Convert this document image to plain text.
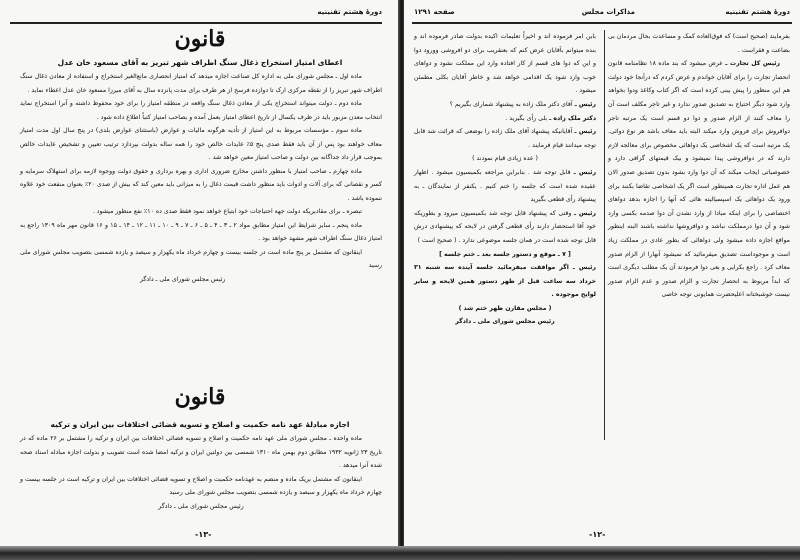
دورهٔ هشتم تقنینیه
قانون
اعطای امتیاز استخراج ذغال سنگ اطراف شهر تبریز به آقای مسعود خان عدل
ماده اول ـ مجلس شورای ملی به اداره کل صناعت اجازه میدهد که امتیاز انحصاری مانع‌الغیر استخراج و استفاده از معادن ذغال سنگ اطراف شهر تبریز را از نقطه مرکزی ارک تا دوازده فرسخ از هر طرف برای مدت پانزده سال به آقای میرزا مسعود خان عدل اعطاء نماید .
ماده دوم ـ دولت میتواند استخراج یکی از معادن ذغال سنگ واقعه در منطقه امتیاز را برای خود محفوظ داشته و آنرا استخراج نماید انتخاب معدن مزبور باید در ظرف یکسال از تاریخ اعطای امتیاز بعمل آمده و بصاحب امتیاز کتباً اطلاع داده شود .
ماده سوم ـ مؤسسات مربوط به این امتیاز از تأدیه هرگونه مالیات و عوارض (باستثنای عوارض بلدی) در پنج سال اول مدت امتیاز معاف خواهند بود پس از آن باید فقط صدی پنج ۵٪ عایدات خالص خود را همه ساله بدولت بپردازد ترتیب تعیین و تشخیص عایدات خالص بموجب قرار داد جداگانه بین دولت و صاحب امتیاز معین خواهد شد .
ماده چهارم ـ صاحب امتیاز با منظور داشتن مخارج ضروری اداری و بهره برداری و حقوق دولت ووجوه لازمه برای استهلاک سرمایه و کسر و نقصانی که برای آلات و ادوات باید منظور داشت قیمت ذغال را به میزانی باید معین کند که بیش از صدی ۲۰٪ بعنوان منفعت خود علاوه ننموده باشد .
تبصره ـ برای مقادیریکه دولت جهة احتیاجات خود ابتیاع خواهد نمود فقط صدی ده ۱۰٪ نفع منظور میشود .
ماده پنجم ـ سایر شرایط این امتیاز مطابق مواد ۲ ـ ۳ ـ ۴ ـ ۵ ـ ۶ ـ ۷ ـ ۹ ـ ۱۰ ـ ۱۱ ـ ۱۲ ـ ۱۴ ـ ۱۵ و ۱۶ قانون مهر ماه ۱۳۰۹ راجع به امتیاز ذغال سنگ اطراف شهر مشهد خواهد بود .
اینقانون که مشتمل بر پنج ماده است در جلسه بیست و چهارم خرداد ماه یکهزار و سیصد و یازده شمسی بتصویب مجلس شورای ملی رسید
رئیس مجلس شورای ملی ـ دادگر
قانون
اجازه مبادلهٔ عهد نامه حکمیت و اصلاح و تسویه قضائی اختلافات بین ایران و ترکیه
ماده واحده ـ مجلس شورای ملی عهد نامه حکمیت و اصلاح و تسویه قضائی اختلافات بین ایران و ترکیه را مشتمل بر ۲۶ ماده که در تاریخ ۲۳ ژانویه ۱۹۳۲ مطابق دوم بهمن ماه ۱۳۱۰ شمسی بین دولتین ایران و ترکیه امضا شده است تصویب و بدولت اجازه مبادله اسناد صحه شده آنرا میدهد .
اینقانون که مشتمل بریک ماده و منضم به عهدنامه حکمیت و اصلاح و تسویه قضائی اختلافات بین ایران و ترکیه است در جلسه بیست و چهارم خرداد ماه یکهزار و سیصد و یازده شمسی بتصویب مجلس شورای ملی رسید
رئیس مجلس شورای ملی ـ دادگر
-۱۳-
دورهٔ هشتم تقنینیه
مذاکرات مجلس
صفحه ۱۲۹۱

بفرمایند (صحیح است) که فوق‌العاده کمک و مساعدت بحال مردمان بی بضاعت و فقراست .

رئیس کل تجارت ـ عرض میشود که بند ماده ۱۸ نظامنامه قانون انحصار تجارت را برای آقایان خواندم و عرض کردم که درآنجا خود دولت هم این منظور را پیش بینی کرده است که اگر کتاب وکاغذ ودوا بخواهد وارد شود دیگر احتیاج به تصدیق صدور ندارد و غیر تاجر مکلف است آن را معاف کنند از الزام صدور و دوا دو قسم است یک مرتبه تاجر دوافروش برای فروش وارد میکند البته باید معاف باشد هر نوع دوائی. یک مرتبه است که یک اشخاصی یک دواهائی مخصوص برای معالجه لازم دارند که در دوافروشی پیدا نمیشود و بیک قیمتهای گزافی دارد و خصوصیاتی ایجاب میکند که آن دوا وارد بشود بدون تصدیق صدور الان هم عمل اداره تجارت همینطور است اگر یک اشخاصی تقاضا بکنند برای ورود یک دواهائی یک اسپسیالیته هائی که آنها را اجازه بدهد دواهای اختصاصی را برای اینکه مبادا از وارد نشدن آن دوا صدمه بکسی وارد شود و آن دوا درمملکت نباشد و دوافروشها نداشته باشند البته اینطور مواقع اجازه داده میشود ولی دواهائی که بطور عادی در مملکت زیاد است و موجوداست تصدیق میفرمائید که نمیشود آنهارا از الزام صدور معاف کرد . راجع بکرایی و بعی دوا فرمودند آن یک مطلب دیگری است که ابداً مربوط به انحصار تجارت و الزام صدور و عدم الزام صدور نیست خوشبختانه اعلیحضرت همایونی توجه خاصی

باین امر فرموده اند و اخیراً تعلیمات اکیده بدولت صادر فرموده اند و بنده میتوانم بآقایان عرض کنم که بعنقریب برای دو افروشی وورود دوا و این که دوا های قسم از کار افتاده وارد این مملکت نشود و دواهای خوب وارد شود یک اقدامی خواهد شد و خاطر آقایان بکلی مطمئن میشود .

رئیس ـ آقای دکتر ملک زاده به پیشنهاد شمارای بگیریم ؟

دکتر ملک زاده ـ بلی رأی بگیرید .

رئیس ـ آقایانیکه پیشنهاد آقای ملک زاده را بوضعی که قرائت شد قابل توجه میدانند قیام فرمایند .

( عده زیادی قیام نمودند )

رئیس ـ قابل توجه شد . بنابراین مراجعه بکمیسیون میشود . اظهار عقیده شده است که جلسه را ختم کنیم . یکنفر از نمایندگان ـ به پیشنهاد رأی قطعی بگیرید

رئیس ـ وقتی که پیشنهاد قابل توجه شد بکمیسیون میرود و بطوریکه خود آقا استحضار دارند رأی قطعی گرفتن در لایحه که پیشنهادی درش قابل توجه شده است در همان جلسه موضوعی ندارد . ( صحیح است )

[ ۷ ـ موقع و دستور جلسه بعد ـ ختم جلسه ]

رئیس ـ اگر موافقت میفرمائید جلسه آینده سه شنبه ۳۱ خرداد سه ساعت قبل از ظهر دستور همین لایحه و سایر لوایح موجوده .

( مجلس مقارن ظهر ختم شد )

رئیس مجلس شورای ملی ـ دادگر

-۱۲-
